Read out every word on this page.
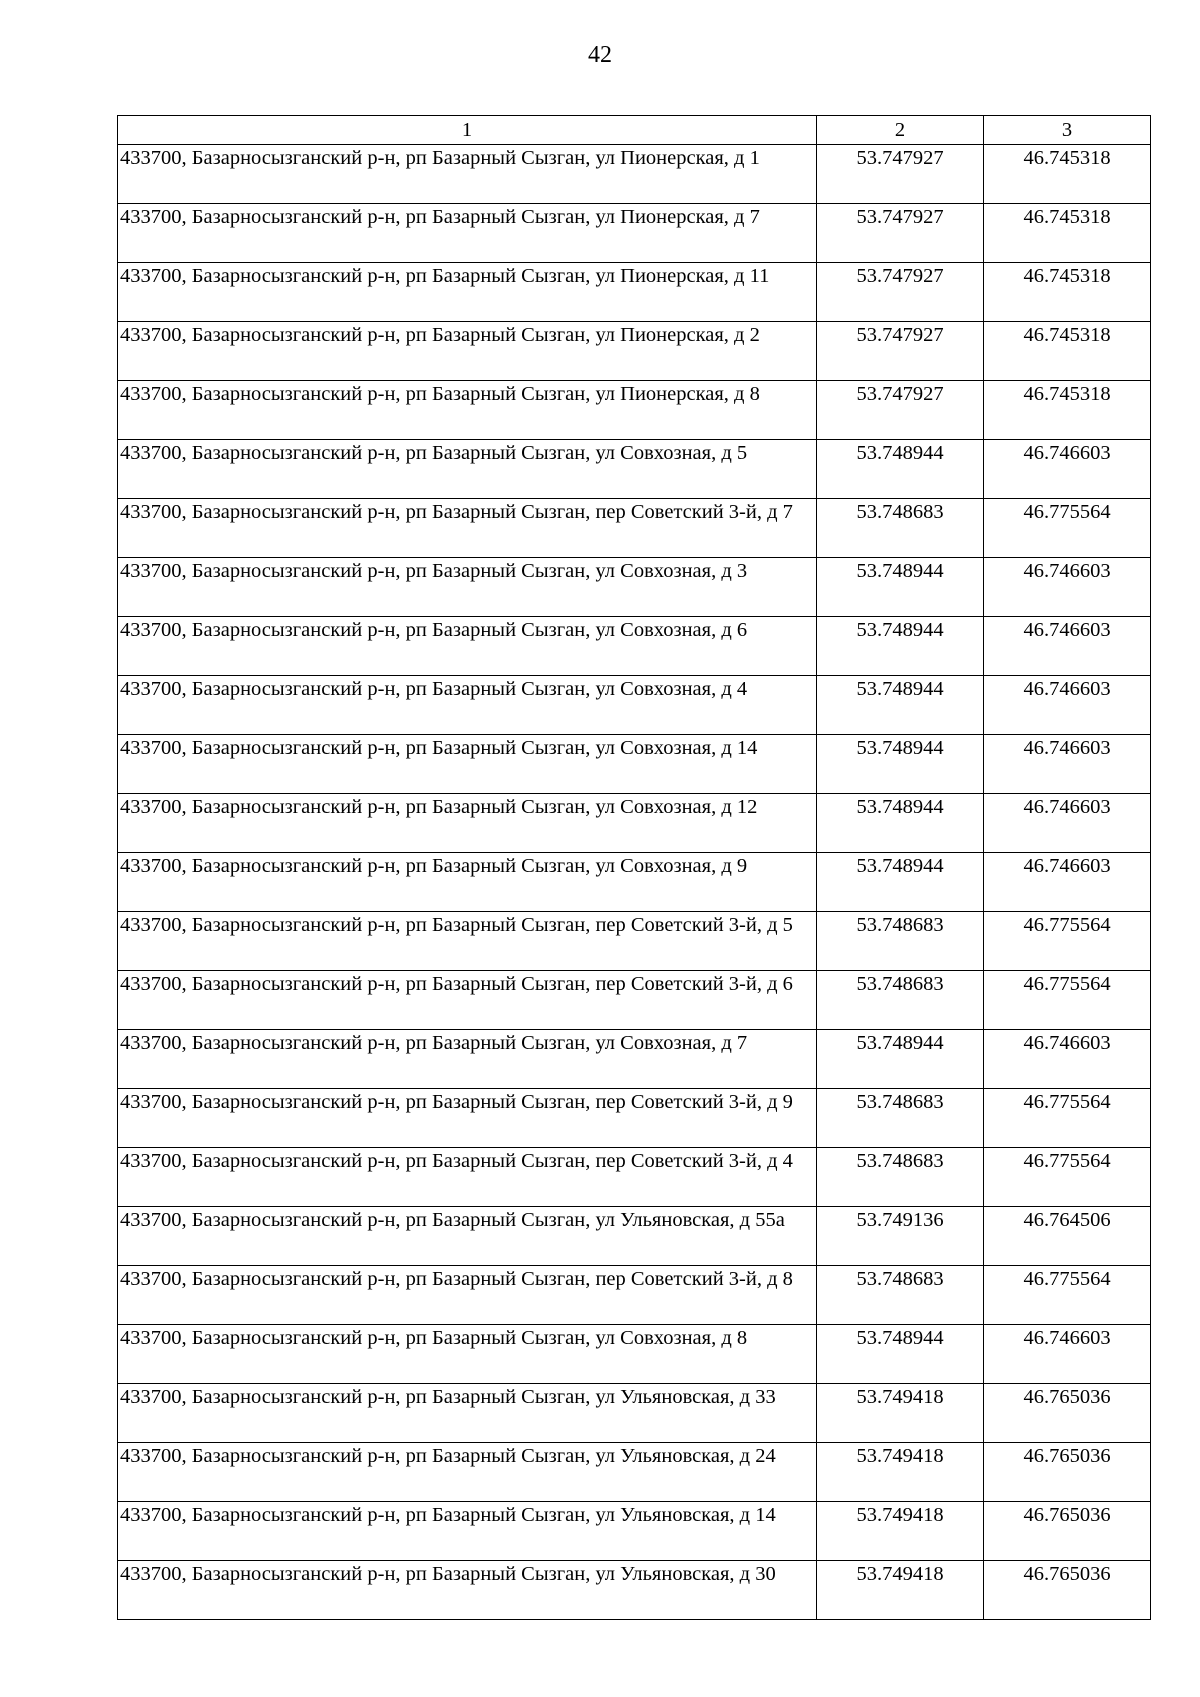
42
1	2	3
433700, Базарносызганский р-н, рп Базарный Сызган, ул Пионерская, д 1	53.747927	46.745318
433700, Базарносызганский р-н, рп Базарный Сызган, ул Пионерская, д 7	53.747927	46.745318
433700, Базарносызганский р-н, рп Базарный Сызган, ул Пионерская, д 11	53.747927	46.745318
433700, Базарносызганский р-н, рп Базарный Сызган, ул Пионерская, д 2	53.747927	46.745318
433700, Базарносызганский р-н, рп Базарный Сызган, ул Пионерская, д 8	53.747927	46.745318
433700, Базарносызганский р-н, рп Базарный Сызган, ул Совхозная, д 5	53.748944	46.746603
433700, Базарносызганский р-н, рп Базарный Сызган, пер Советский 3-й, д 7	53.748683	46.775564
433700, Базарносызганский р-н, рп Базарный Сызган, ул Совхозная, д 3	53.748944	46.746603
433700, Базарносызганский р-н, рп Базарный Сызган, ул Совхозная, д 6	53.748944	46.746603
433700, Базарносызганский р-н, рп Базарный Сызган, ул Совхозная, д 4	53.748944	46.746603
433700, Базарносызганский р-н, рп Базарный Сызган, ул Совхозная, д 14	53.748944	46.746603
433700, Базарносызганский р-н, рп Базарный Сызган, ул Совхозная, д 12	53.748944	46.746603
433700, Базарносызганский р-н, рп Базарный Сызган, ул Совхозная, д 9	53.748944	46.746603
433700, Базарносызганский р-н, рп Базарный Сызган, пер Советский 3-й, д 5	53.748683	46.775564
433700, Базарносызганский р-н, рп Базарный Сызган, пер Советский 3-й, д 6	53.748683	46.775564
433700, Базарносызганский р-н, рп Базарный Сызган, ул Совхозная, д 7	53.748944	46.746603
433700, Базарносызганский р-н, рп Базарный Сызган, пер Советский 3-й, д 9	53.748683	46.775564
433700, Базарносызганский р-н, рп Базарный Сызган, пер Советский 3-й, д 4	53.748683	46.775564
433700, Базарносызганский р-н, рп Базарный Сызган, ул Ульяновская, д 55а	53.749136	46.764506
433700, Базарносызганский р-н, рп Базарный Сызган, пер Советский 3-й, д 8	53.748683	46.775564
433700, Базарносызганский р-н, рп Базарный Сызган, ул Совхозная, д 8	53.748944	46.746603
433700, Базарносызганский р-н, рп Базарный Сызган, ул Ульяновская, д 33	53.749418	46.765036
433700, Базарносызганский р-н, рп Базарный Сызган, ул Ульяновская, д 24	53.749418	46.765036
433700, Базарносызганский р-н, рп Базарный Сызган, ул Ульяновская, д 14	53.749418	46.765036
433700, Базарносызганский р-н, рп Базарный Сызган, ул Ульяновская, д 30	53.749418	46.765036
